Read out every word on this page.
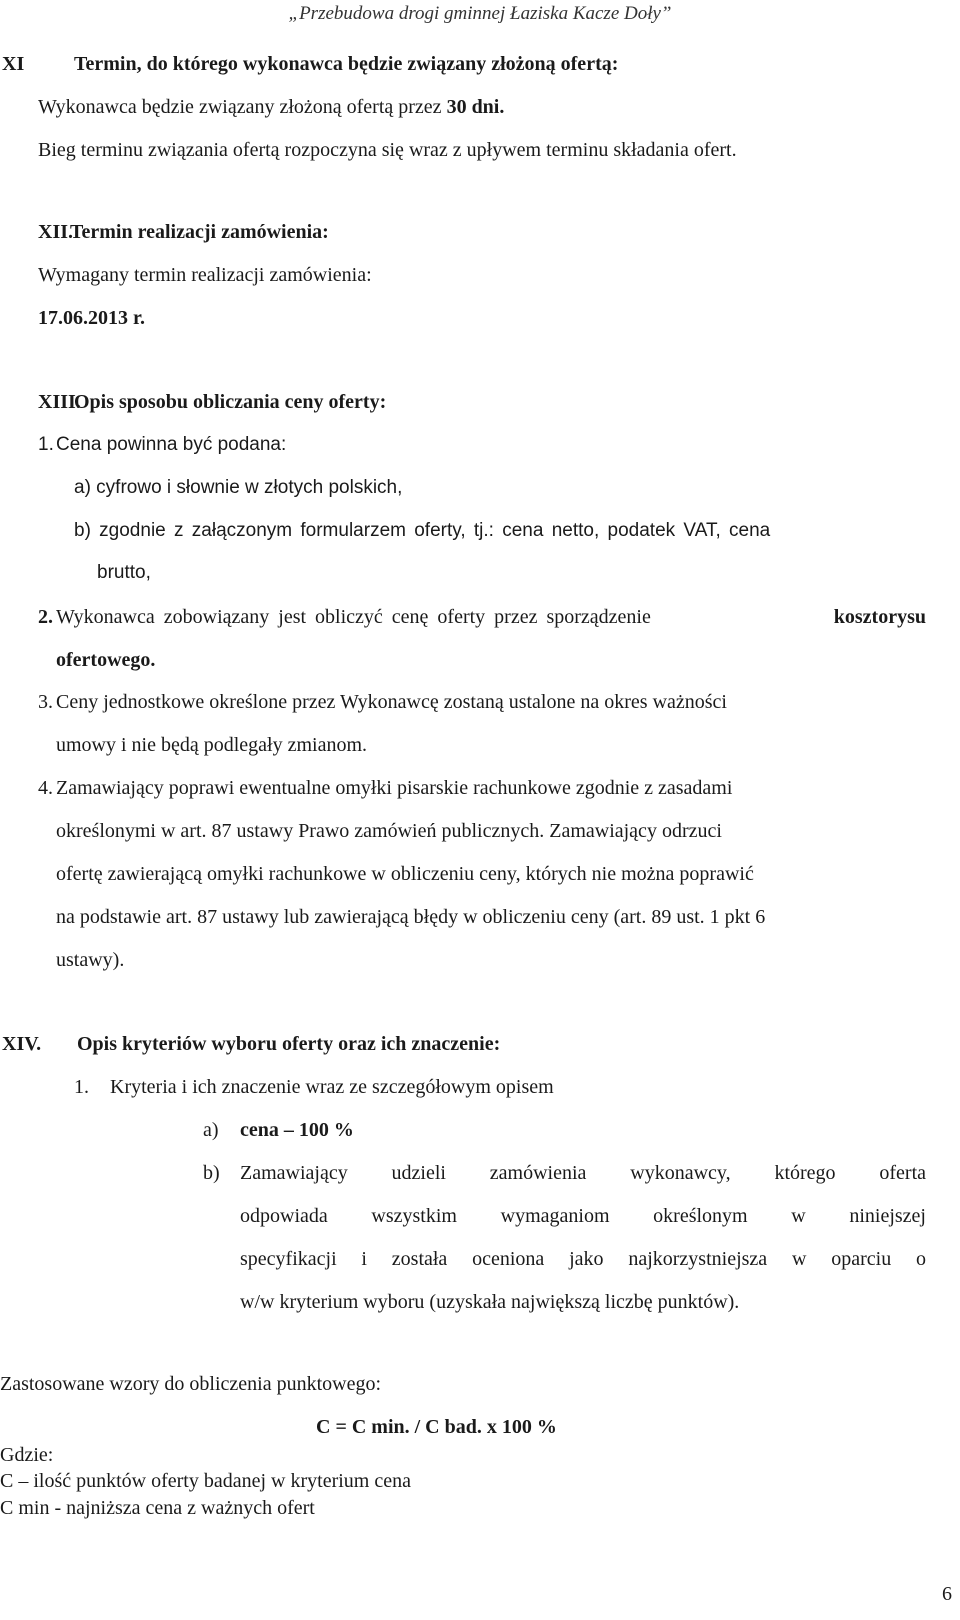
„Przebudowa drogi gminnej Łaziska Kacze Doły”
XI Termin, do którego wykonawca będzie związany złożoną ofertą:
Wykonawca będzie związany złożoną ofertą przez 30 dni.
Bieg terminu związania ofertą rozpoczyna się wraz z upływem terminu składania ofert.
XII.
Termin realizacji zamówienia:
Wymagany termin realizacji zamówienia:
17.06.2013 r.
XIII.
Opis sposobu obliczania ceny oferty:
1. Cena powinna być podana:
a) cyfrowo i słownie w złotych polskich,
b) zgodnie z załączonym formularzem oferty, tj.: cena netto, podatek VAT, cena
brutto,
2. Wykonawca zobowiązany jest obliczyć cenę oferty przez sporządzenie	kosztorysu
ofertowego.
3. Ceny jednostkowe określone przez Wykonawcę zostaną ustalone na okres ważności
umowy i nie będą podlegały zmianom.
4. Zamawiający poprawi ewentualne omyłki pisarskie rachunkowe zgodnie z zasadami
określonymi w art. 87 ustawy Prawo zamówień publicznych. Zamawiający odrzuci
ofertę zawierającą omyłki rachunkowe w obliczeniu ceny, których nie można poprawić
na podstawie art. 87 ustawy lub zawierającą błędy w obliczeniu ceny (art. 89 ust. 1 pkt 6
ustawy).
XIV. Opis kryteriów wyboru oferty oraz ich znaczenie:
1. Kryteria i ich znaczenie wraz ze szczegółowym opisem
a) cena – 100 %
b) Zamawiający udzieli zamówienia wykonawcy, którego oferta
odpowiada wszystkim wymaganiom określonym w niniejszej
specyfikacji i została oceniona jako najkorzystniejsza w oparciu o
w/w kryterium wyboru (uzyskała największą liczbę punktów).
Zastosowane wzory do obliczenia punktowego:
C = C min. / C bad. x 100 %
Gdzie:
C – ilość punktów oferty badanej w kryterium cena
C min - najniższa cena z ważnych ofert
6
